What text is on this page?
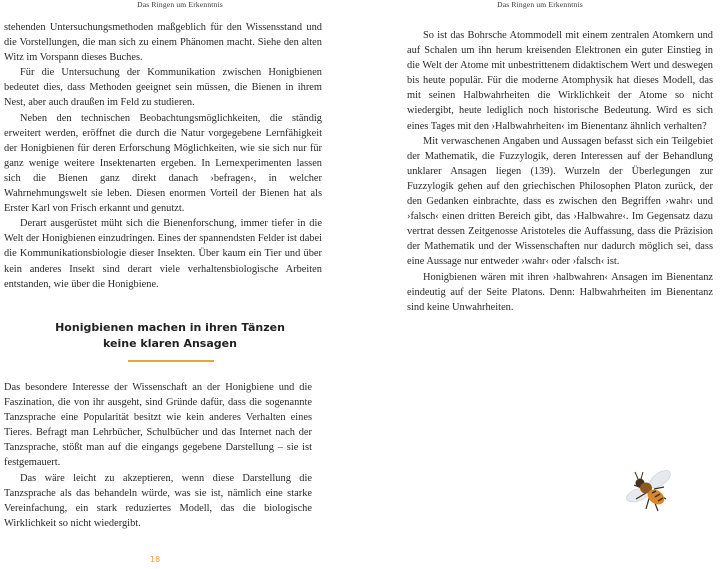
Das Ringen um Erkenntnis

stehenden Untersuchungsmethoden maßgeblich für den Wissensstand und die Vorstellungen, die man sich zu einem Phänomen macht. Siehe den alten Witz im Vorspann dieses Buches.

Für die Untersuchung der Kommunikation zwischen Honigbienen bedeutet dies, dass Methoden geeignet sein müssen, die Bienen in ihrem Nest, aber auch draußen im Feld zu studieren.

Neben den technischen Beobachtungsmöglichkeiten, die ständig erweitert werden, eröffnet die durch die Natur vorgegebene Lernfähigkeit der Honigbienen für deren Erforschung Möglichkeiten, wie sie sich nur für ganz wenige weitere Insektenarten ergeben. In Lernexperimenten lassen sich die Bienen ganz direkt danach ›befragen‹, in welcher Wahrnehmungswelt sie leben. Diesen enormen Vorteil der Bienen hat als Erster Karl von Frisch erkannt und genutzt.

Derart ausgerüstet müht sich die Bienenforschung, immer tiefer in die Welt der Honigbienen einzudringen. Eines der spannendsten Felder ist dabei die Kommunikationsbiologie dieser Insekten. Über kaum ein Tier und über kein anderes Insekt sind derart viele verhaltensbiologische Arbeiten entstanden, wie über die Honigbiene.

Honigbienen machen in ihren Tänzen
keine klaren Ansagen

Das besondere Interesse der Wissenschaft an der Honigbiene und die Faszination, die von ihr ausgeht, sind Gründe dafür, dass die sogenannte Tanzsprache eine Popularität besitzt wie kein anderes Verhalten eines Tieres. Befragt man Lehrbücher, Schulbücher und das Internet nach der Tanzsprache, stößt man auf die eingangs gegebene Darstellung – sie ist festgemauert.

Das wäre leicht zu akzeptieren, wenn diese Darstellung die Tanzsprache als das behandeln würde, was sie ist, nämlich eine starke Vereinfachung, ein stark reduziertes Modell, das die biologische Wirklichkeit so nicht wiedergibt.

18
Das Ringen um Erkenntnis

So ist das Bohrsche Atommodell mit einem zentralen Atomkern und auf Schalen um ihn herum kreisenden Elektronen ein guter Einstieg in die Welt der Atome mit unbestrittenem didaktischem Wert und deswegen bis heute populär. Für die moderne Atomphysik hat dieses Modell, das mit seinen Halbwahrheiten die Wirklichkeit der Atome so nicht wiedergibt, heute lediglich noch historische Bedeutung. Wird es sich eines Tages mit den ›Halbwahrheiten‹ im Bienentanz ähnlich verhalten?

Mit verwaschenen Angaben und Aussagen befasst sich ein Teilgebiet der Mathematik, die Fuzzylogik, deren Interessen auf der Behandlung unklarer Ansagen liegen (139). Wurzeln der Überlegungen zur Fuzzylogik gehen auf den griechischen Philosophen Platon zurück, der den Gedanken einbrachte, dass es zwischen den Begriffen ›wahr‹ und ›falsch‹ einen dritten Bereich gibt, das ›Halbwahre‹. Im Gegensatz dazu vertrat dessen Zeitgenosse Aristoteles die Auffassung, dass die Präzision der Mathematik und der Wissenschaften nur dadurch möglich sei, dass eine Aussage nur entweder ›wahr‹ oder ›falsch‹ ist.

Honigbienen wären mit ihren ›halbwahren‹ Ansagen im Bienentanz eindeutig auf der Seite Platons. Denn: Halbwahrheiten im Bienentanz sind keine Unwahrheiten.
